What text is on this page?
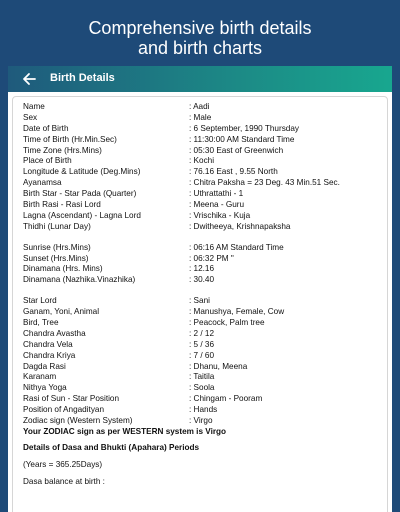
Comprehensive birth details
and birth charts
Birth Details
Name	: Aadi
Sex	: Male
Date of Birth	: 6 September, 1990 Thursday
Time of Birth (Hr.Min.Sec)	: 11:30:00 AM Standard Time
Time Zone (Hrs.Mins)	: 05:30 East of Greenwich
Place of Birth	: Kochi
Longitude & Latitude (Deg.Mins)	: 76.16 East , 9.55 North
Ayanamsa	: Chitra Paksha = 23 Deg. 43 Min.51 Sec.
Birth Star - Star Pada (Quarter)	: Uthrattathi - 1
Birth Rasi - Rasi Lord	: Meena - Guru
Lagna (Ascendant) - Lagna Lord	: Vrischika - Kuja
Thidhi (Lunar Day)	: Dwitheeya, Krishnapaksha
Sunrise (Hrs.Mins)	: 06:16 AM Standard Time
Sunset (Hrs.Mins)	: 06:32 PM "
Dinamana (Hrs. Mins)	: 12.16
Dinamana (Nazhika.Vinazhika)	: 30.40
Star Lord	: Sani
Ganam, Yoni, Animal	: Manushya, Female, Cow
Bird, Tree	: Peacock, Palm tree
Chandra Avastha	: 2 / 12
Chandra Vela	: 5 / 36
Chandra Kriya	: 7 / 60
Dagda Rasi	: Dhanu, Meena
Karanam	: Taitila
Nithya Yoga	: Soola
Rasi of Sun - Star Position	: Chingam - Pooram
Position of Angadityan	: Hands
Zodiac sign (Western System)	: Virgo
Your ZODIAC sign as per WESTERN system is Virgo
Details of Dasa and Bhukti (Apahara) Periods
(Years = 365.25Days)
Dasa balance at birth :
